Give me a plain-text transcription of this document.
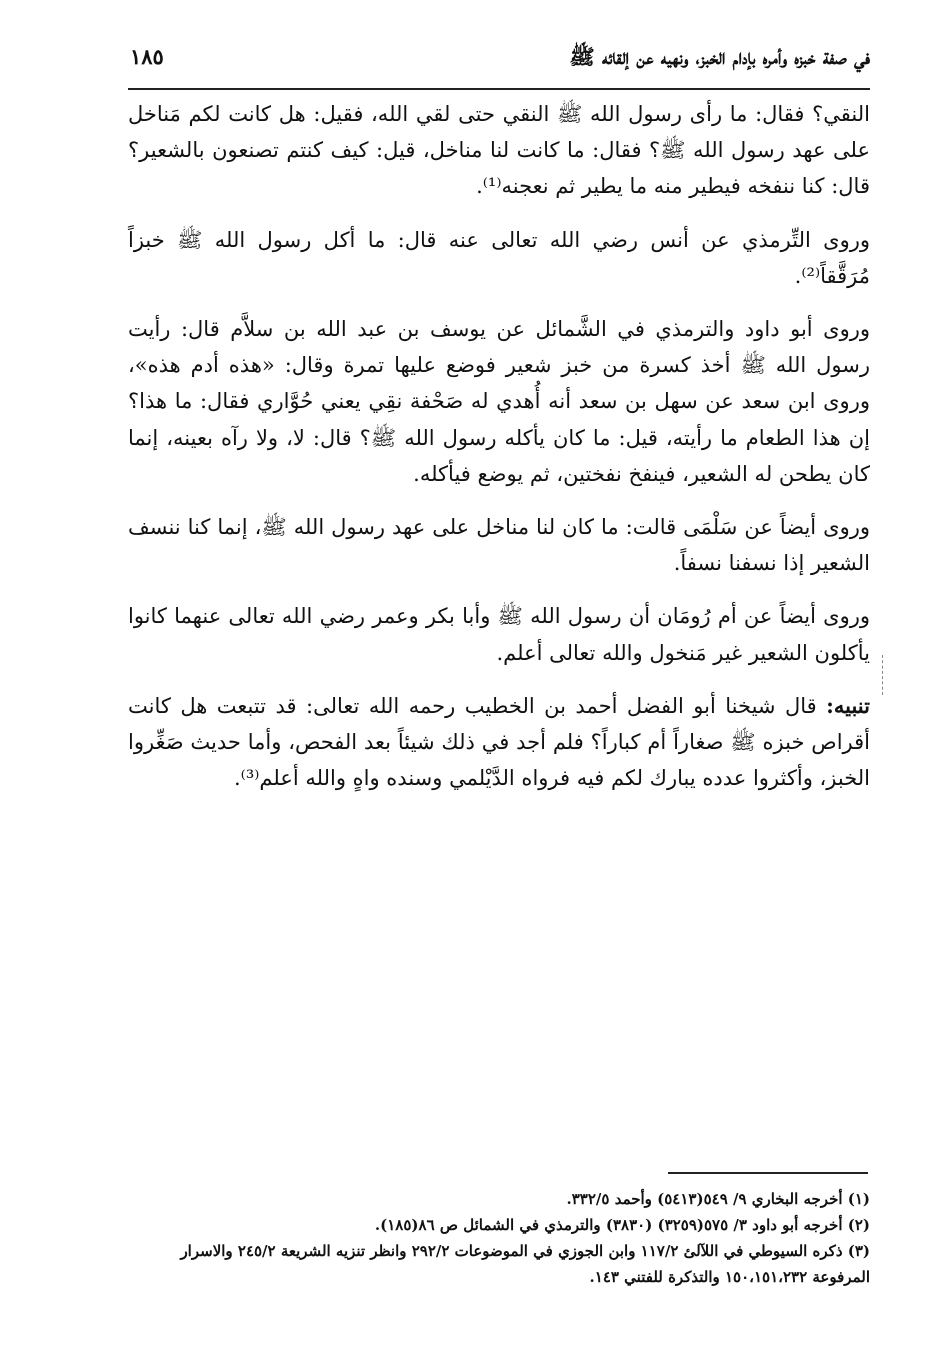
في صفة خبزه وأمره بإدام الخبز، ونهيه عن إلقائه ﷺ
١٨٥

النقي؟ فقال: ما رأى رسول الله ﷺ النقي حتى لقي الله، فقيل: هل كانت لكم مَناخل على عهد رسول الله ﷺ؟ فقال: ما كانت لنا مناخل، قيل: كيف كنتم تصنعون بالشعير؟ قال: كنا ننفخه فيطير منه ما يطير ثم نعجنه⁽¹⁾.

وروى التِّرمذي عن أنس رضي الله تعالى عنه قال: ما أكل رسول الله ﷺ خبزاً مُرَقَّقاً⁽²⁾.

وروى أبو داود والترمذي في الشَّمائل عن يوسف بن عبد الله بن سلاَّم قال: رأيت رسول الله ﷺ أخذ كسرة من خبز شعير فوضع عليها تمرة وقال: «هذه أدم هذه»، وروى ابن سعد عن سهل بن سعد أنه أُهدي له صَحْفة نقِي يعني حُوَّاري فقال: ما هذا؟ إن هذا الطعام ما رأيته، قيل: ما كان يأكله رسول الله ﷺ؟ قال: لا، ولا رآه بعينه، إنما كان يطحن له الشعير، فينفخ نفختين، ثم يوضع فيأكله.

وروى أيضاً عن سَلْمَى قالت: ما كان لنا مناخل على عهد رسول الله ﷺ، إنما كنا ننسف الشعير إذا نسفنا نسفاً.

وروى أيضاً عن أم رُومَان أن رسول الله ﷺ وأبا بكر وعمر رضي الله تعالى عنهما كانوا يأكلون الشعير غير مَنخول والله تعالى أعلم.

تنبيه: قال شيخنا أبو الفضل أحمد بن الخطيب رحمه الله تعالى: قد تتبعت هل كانت أقراص خبزه ﷺ صغاراً أم كباراً؟ فلم أجد في ذلك شيئاً بعد الفحص، وأما حديث صَغِّروا الخبز، وأكثروا عدده يبارك لكم فيه فرواه الدَّيْلمي وسنده واهٍ والله أعلم⁽³⁾.

(١) أخرجه البخاري ٩/ ٥٤٩(٥٤١٣) وأحمد ٣٣٢/٥.
(٢) أخرجه أبو داود ٣/ ٥٧٥(٣٢٥٩) (٣٨٣٠) والترمذي في الشمائل ص ٨٦(١٨٥).
(٣) ذكره السيوطي في اللآلئ ١١٧/٢ وابن الجوزي في الموضوعات ٢٩٢/٢ وانظر تنزيه الشريعة ٢٤٥/٢ والاسرار المرفوعة ١٥٠،١٥١،٢٣٢ والتذكرة للفتني ١٤٣.
